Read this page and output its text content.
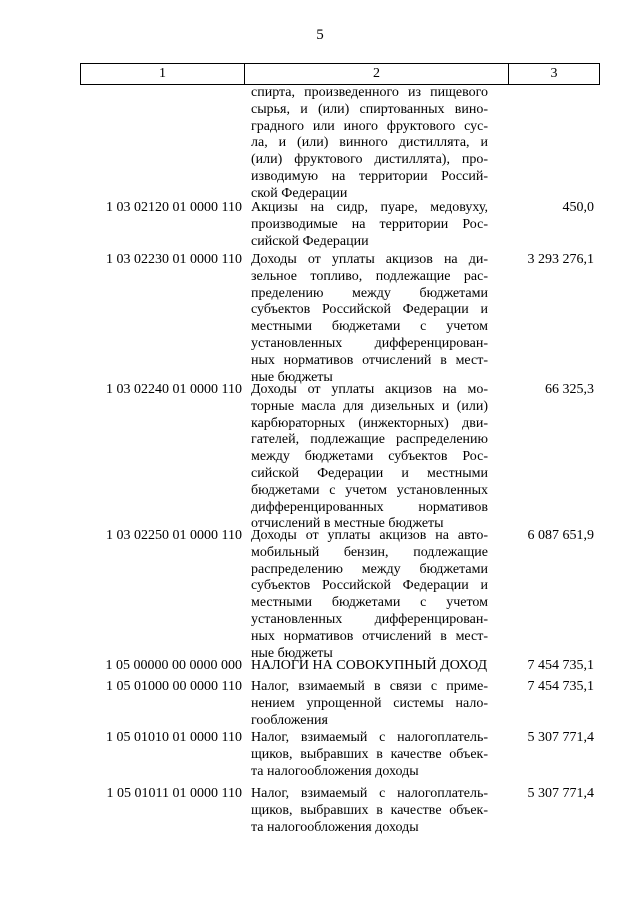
5
1	2	3
спирта, произведенного из пищевого
сырья, и (или) спиртованных вино-
градного или иного фруктового сус-
ла, и (или) винного дистиллята, и
(или) фруктового дистиллята), про-
изводимую на территории Россий-
ской Федерации
1 03 02120 01 0000 110 Акцизы на сидр, пуаре, медовуху,
производимые на территории Рос-
сийской Федерации
450,0
1 03 02230 01 0000 110 Доходы от уплаты акцизов на ди-
зельное топливо, подлежащие рас-
пределению между бюджетами
субъектов Российской Федерации и
местными бюджетами с учетом
установленных дифференцирован-
ных нормативов отчислений в мест-
ные бюджеты
3 293 276,1
1 03 02240 01 0000 110 Доходы от уплаты акцизов на мо-
торные масла для дизельных и (или)
карбюраторных (инжекторных) дви-
гателей, подлежащие распределению
между бюджетами субъектов Рос-
сийской Федерации и местными
бюджетами с учетом установленных
дифференцированных нормативов
отчислений в местные бюджеты
66 325,3
1 03 02250 01 0000 110 Доходы от уплаты акцизов на авто-
мобильный бензин, подлежащие
распределению между бюджетами
субъектов Российской Федерации и
местными бюджетами с учетом
установленных дифференцирован-
ных нормативов отчислений в мест-
ные бюджеты
6 087 651,9
1 05 00000 00 0000 000 НАЛОГИ НА СОВОКУПНЫЙ ДОХОД	7 454 735,1
1 05 01000 00 0000 110 Налог, взимаемый в связи с приме-
нением упрощенной системы нало-
гообложения
7 454 735,1
1 05 01010 01 0000 110 Налог, взимаемый с налогоплатель-
щиков, выбравших в качестве объек-
та налогообложения доходы
5 307 771,4
1 05 01011 01 0000 110 Налог, взимаемый с налогоплатель-
щиков, выбравших в качестве объек-
та налогообложения доходы
5 307 771,4
